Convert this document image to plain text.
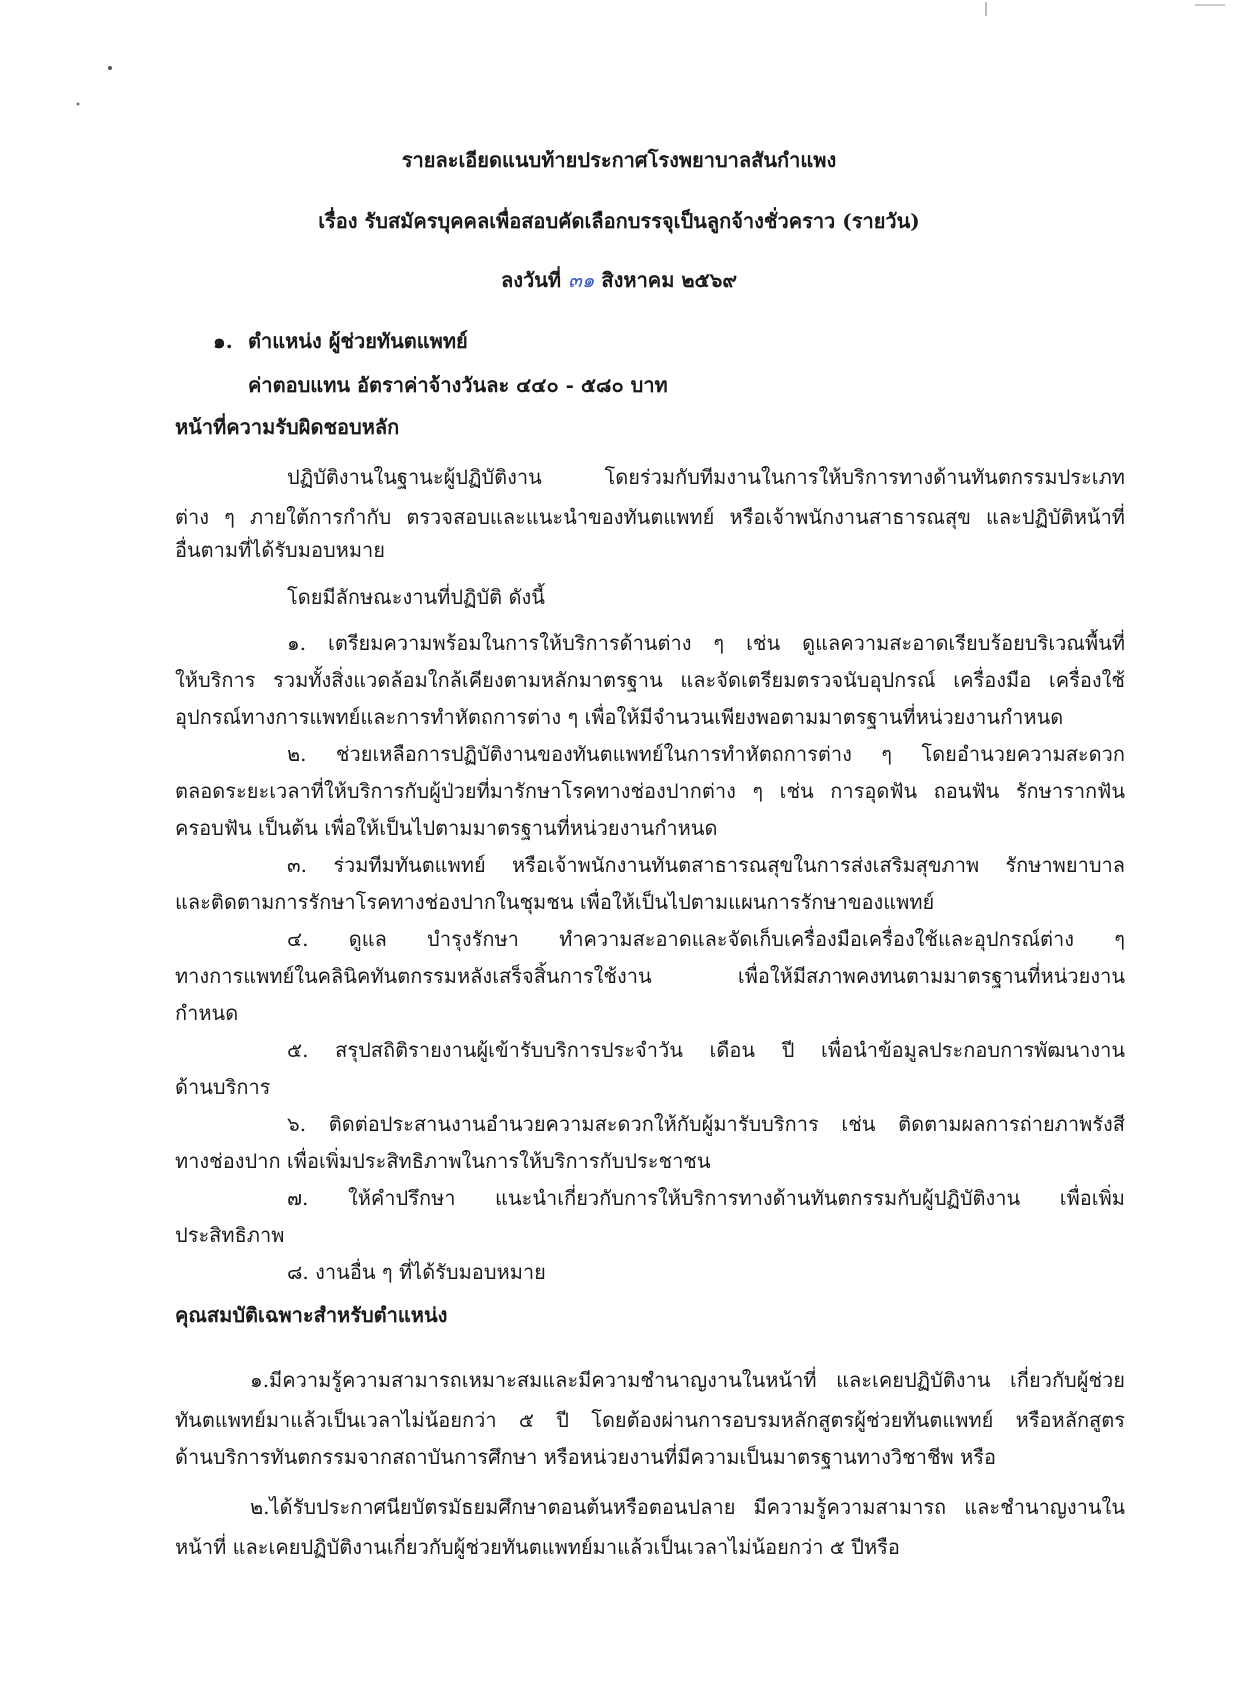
รายละเอียดแนบท้ายประกาศโรงพยาบาลสันกำแพง
เรื่อง รับสมัครบุคคลเพื่อสอบคัดเลือกบรรจุเป็นลูกจ้างชั่วคราว (รายวัน)
ลงวันที่ ๓๑ สิงหาคม ๒๕๖๙
๑. ตำแหน่ง ผู้ช่วยทันตแพทย์
ค่าตอบแทน อัตราค่าจ้างวันละ ๔๔๐ - ๕๘๐ บาท
หน้าที่ความรับผิดชอบหลัก
ปฏิบัติงานในฐานะผู้ปฏิบัติงาน โดยร่วมกับทีมงานในการให้บริการทางด้านทันตกรรมประเภท
ต่าง ๆ ภายใต้การกำกับ ตรวจสอบและแนะนำของทันตแพทย์ หรือเจ้าพนักงานสาธารณสุข และปฏิบัติหน้าที่
อื่นตามที่ได้รับมอบหมาย
โดยมีลักษณะงานที่ปฏิบัติ ดังนี้
๑. เตรียมความพร้อมในการให้บริการด้านต่าง ๆ เช่น ดูแลความสะอาดเรียบร้อยบริเวณพื้นที่
ให้บริการ รวมทั้งสิ่งแวดล้อมใกล้เคียงตามหลักมาตรฐาน และจัดเตรียมตรวจนับอุปกรณ์ เครื่องมือ เครื่องใช้
อุปกรณ์ทางการแพทย์และการทำหัตถการต่าง ๆ เพื่อให้มีจำนวนเพียงพอตามมาตรฐานที่หน่วยงานกำหนด
๒. ช่วยเหลือการปฏิบัติงานของทันตแพทย์ในการทำหัตถการต่าง ๆ โดยอำนวยความสะดวก
ตลอดระยะเวลาที่ให้บริการกับผู้ป่วยที่มารักษาโรคทางช่องปากต่าง ๆ เช่น การอุดฟัน ถอนฟัน รักษารากฟัน
ครอบฟัน เป็นต้น เพื่อให้เป็นไปตามมาตรฐานที่หน่วยงานกำหนด
๓. ร่วมทีมทันตแพทย์ หรือเจ้าพนักงานทันตสาธารณสุขในการส่งเสริมสุขภาพ รักษาพยาบาล
และติดตามการรักษาโรคทางช่องปากในชุมชน เพื่อให้เป็นไปตามแผนการรักษาของแพทย์
๔. ดูแล บำรุงรักษา ทำความสะอาดและจัดเก็บเครื่องมือเครื่องใช้และอุปกรณ์ต่าง ๆ
ทางการแพทย์ในคลินิคทันตกรรมหลังเสร็จสิ้นการใช้งาน เพื่อให้มีสภาพคงทนตามมาตรฐานที่หน่วยงาน
กำหนด
๕. สรุปสถิติรายงานผู้เข้ารับบริการประจำวัน เดือน ปี เพื่อนำข้อมูลประกอบการพัฒนางาน
ด้านบริการ
๖. ติดต่อประสานงานอำนวยความสะดวกให้กับผู้มารับบริการ เช่น ติดตามผลการถ่ายภาพรังสี
ทางช่องปาก เพื่อเพิ่มประสิทธิภาพในการให้บริการกับประชาชน
๗. ให้คำปรึกษา แนะนำเกี่ยวกับการให้บริการทางด้านทันตกรรมกับผู้ปฏิบัติงาน เพื่อเพิ่ม
ประสิทธิภาพ
๘. งานอื่น ๆ ที่ได้รับมอบหมาย
คุณสมบัติเฉพาะสำหรับตำแหน่ง
๑.มีความรู้ความสามารถเหมาะสมและมีความชำนาญงานในหน้าที่ และเคยปฏิบัติงาน เกี่ยวกับผู้ช่วย
ทันตแพทย์มาแล้วเป็นเวลาไม่น้อยกว่า ๕ ปี โดยต้องผ่านการอบรมหลักสูตรผู้ช่วยทันตแพทย์ หรือหลักสูตร
ด้านบริการทันตกรรมจากสถาบันการศึกษา หรือหน่วยงานที่มีความเป็นมาตรฐานทางวิชาชีพ หรือ
๒.ได้รับประกาศนียบัตรมัธยมศึกษาตอนต้นหรือตอนปลาย มีความรู้ความสามารถ และชำนาญงานใน
หน้าที่ และเคยปฏิบัติงานเกี่ยวกับผู้ช่วยทันตแพทย์มาแล้วเป็นเวลาไม่น้อยกว่า ๕ ปีหรือ
